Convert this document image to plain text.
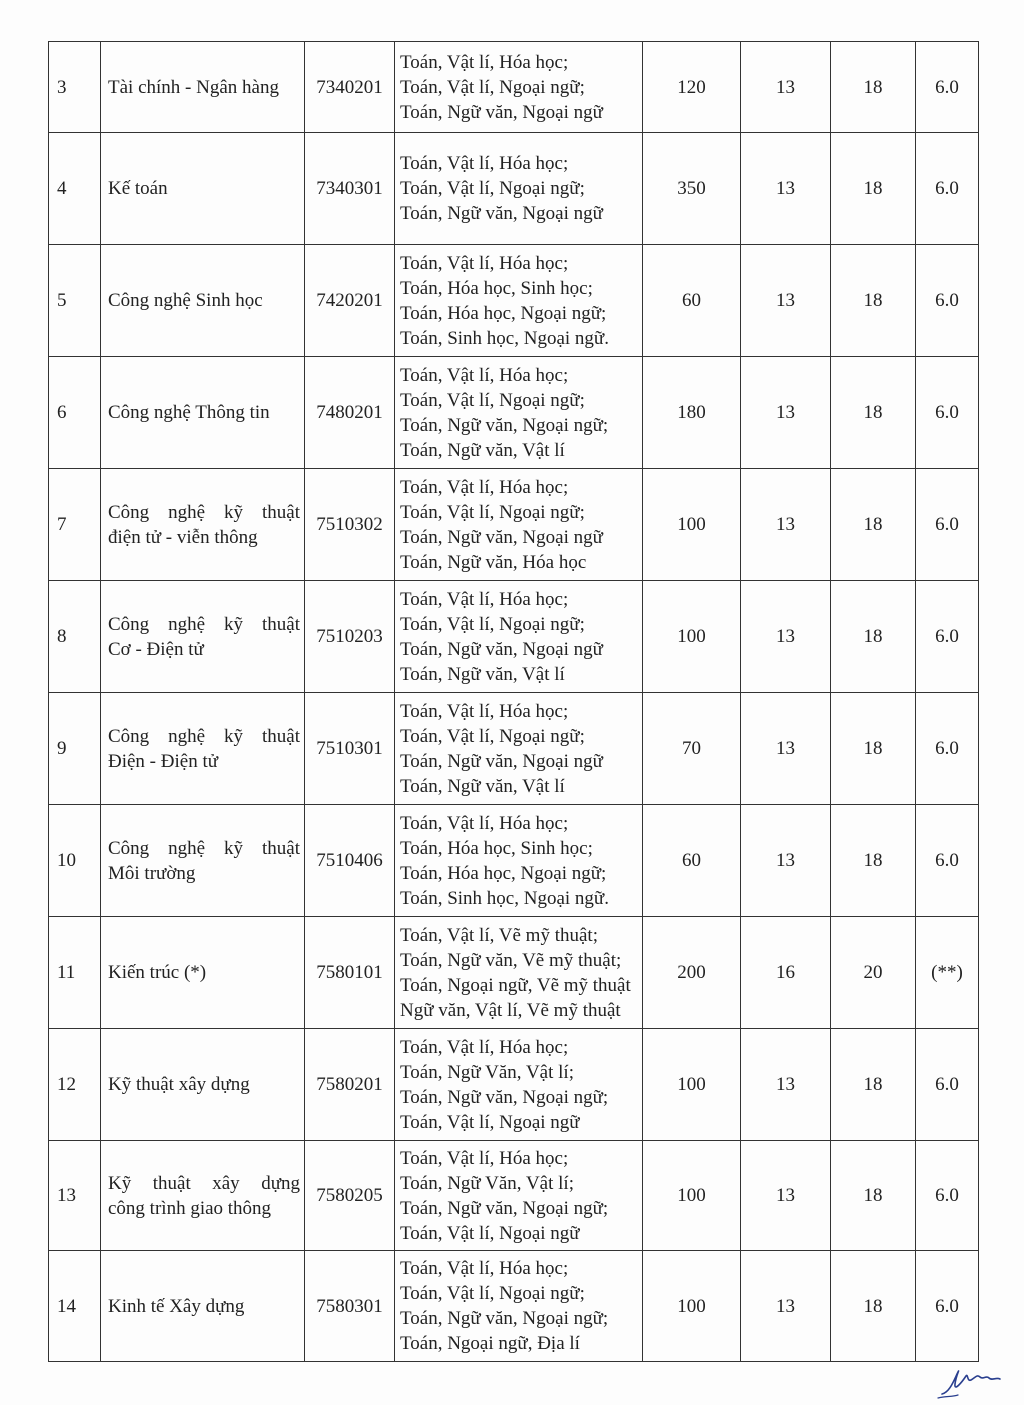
3	Tài chính - Ngân hàng	7340201	Toán, Vật lí, Hóa học;
Toán, Vật lí, Ngoại ngữ;
Toán, Ngữ văn, Ngoại ngữ	120	13	18	6.0
4	Kế toán	7340301	Toán, Vật lí, Hóa học;
Toán, Vật lí, Ngoại ngữ;
Toán, Ngữ văn, Ngoại ngữ	350	13	18	6.0
5	Công nghệ Sinh học	7420201	Toán, Vật lí, Hóa học;
Toán, Hóa học, Sinh học;
Toán, Hóa học, Ngoại ngữ;
Toán, Sinh học, Ngoại ngữ.	60	13	18	6.0
6	Công nghệ Thông tin	7480201	Toán, Vật lí, Hóa học;
Toán, Vật lí, Ngoại ngữ;
Toán, Ngữ văn, Ngoại ngữ;
Toán, Ngữ văn, Vật lí	180	13	18	6.0
7	Công nghệ kỹ thuật
điện tử - viễn thông	7510302	Toán, Vật lí, Hóa học;
Toán, Vật lí, Ngoại ngữ;
Toán, Ngữ văn, Ngoại ngữ
Toán, Ngữ văn, Hóa học	100	13	18	6.0
8	Công nghệ kỹ thuật
Cơ - Điện tử	7510203	Toán, Vật lí, Hóa học;
Toán, Vật lí, Ngoại ngữ;
Toán, Ngữ văn, Ngoại ngữ
Toán, Ngữ văn, Vật lí	100	13	18	6.0
9	Công nghệ kỹ thuật
Điện - Điện tử	7510301	Toán, Vật lí, Hóa học;
Toán, Vật lí, Ngoại ngữ;
Toán, Ngữ văn, Ngoại ngữ
Toán, Ngữ văn, Vật lí	70	13	18	6.0
10	Công nghệ kỹ thuật
Môi trường	7510406	Toán, Vật lí, Hóa học;
Toán, Hóa học, Sinh học;
Toán, Hóa học, Ngoại ngữ;
Toán, Sinh học, Ngoại ngữ.	60	13	18	6.0
11	Kiến trúc (*)	7580101	Toán, Vật lí, Vẽ mỹ thuật;
Toán, Ngữ văn, Vẽ mỹ thuật;
Toán, Ngoại ngữ, Vẽ mỹ thuật
Ngữ văn, Vật lí, Vẽ mỹ thuật	200	16	20	(**)
12	Kỹ thuật xây dựng	7580201	Toán, Vật lí, Hóa học;
Toán, Ngữ Văn, Vật lí;
Toán, Ngữ văn, Ngoại ngữ;
Toán, Vật lí, Ngoại ngữ	100	13	18	6.0
13	Kỹ thuật xây dựng
công trình giao thông	7580205	Toán, Vật lí, Hóa học;
Toán, Ngữ Văn, Vật lí;
Toán, Ngữ văn, Ngoại ngữ;
Toán, Vật lí, Ngoại ngữ	100	13	18	6.0
14	Kinh tế Xây dựng	7580301	Toán, Vật lí, Hóa học;
Toán, Vật lí, Ngoại ngữ;
Toán, Ngữ văn, Ngoại ngữ;
Toán, Ngoại ngữ, Địa lí	100	13	18	6.0
